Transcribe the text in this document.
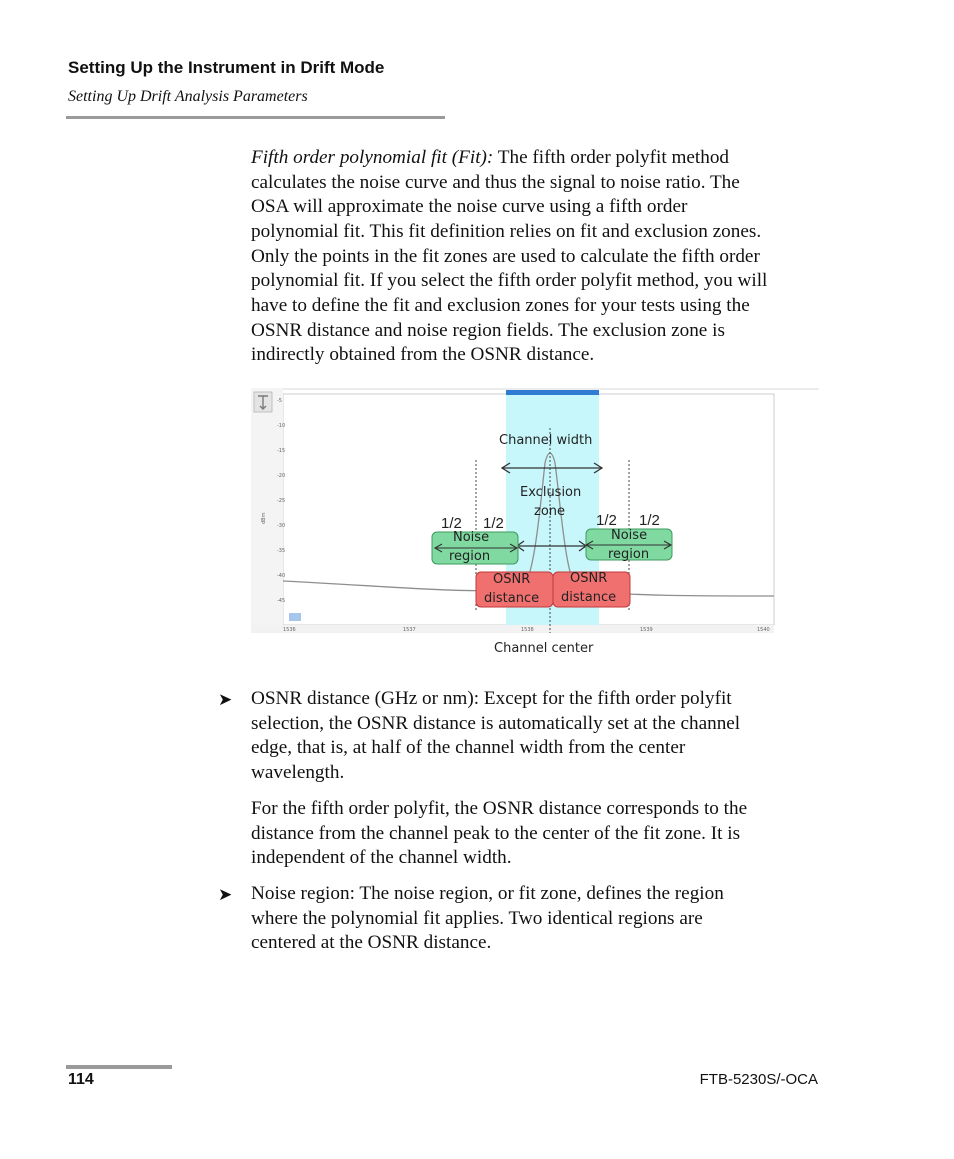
Setting Up the Instrument in Drift Mode
Setting Up Drift Analysis Parameters

Fifth order polynomial fit (Fit): The fifth order polyfit method

calculates the noise curve and thus the signal to noise ratio. The

OSA will approximate the noise curve using a fifth order

polynomial fit. This fit definition relies on fit and exclusion zones.

Only the points in the fit zones are used to calculate the fifth order

polynomial fit. If you select the fifth order polyfit method, you will

have to define the fit and exclusion zones for your tests using the

OSNR distance and noise region fields. The exclusion zone is

indirectly obtained from the OSNR distance.

-5
-10
-15
-20
-25
-30
-35
-40
-45
dBm
1536	1537	1538	1539	1540
Channel width
Exclusion
zone
1/2 1/2	1/2 1/2
Noise
region
Noise
region
OSNR
distance
OSNR
distance
Channel center
➤ OSNR distance (GHz or nm): Except for the fifth order polyfit

selection, the OSNR distance is automatically set at the channel

edge, that is, at half of the channel width from the center

wavelength.

For the fifth order polyfit, the OSNR distance corresponds to the

distance from the channel peak to the center of the fit zone. It is

independent of the channel width.

➤ Noise region: The noise region, or fit zone, defines the region

where the polynomial fit applies. Two identical regions are

centered at the OSNR distance.

114	FTB-5230S/-OCA
